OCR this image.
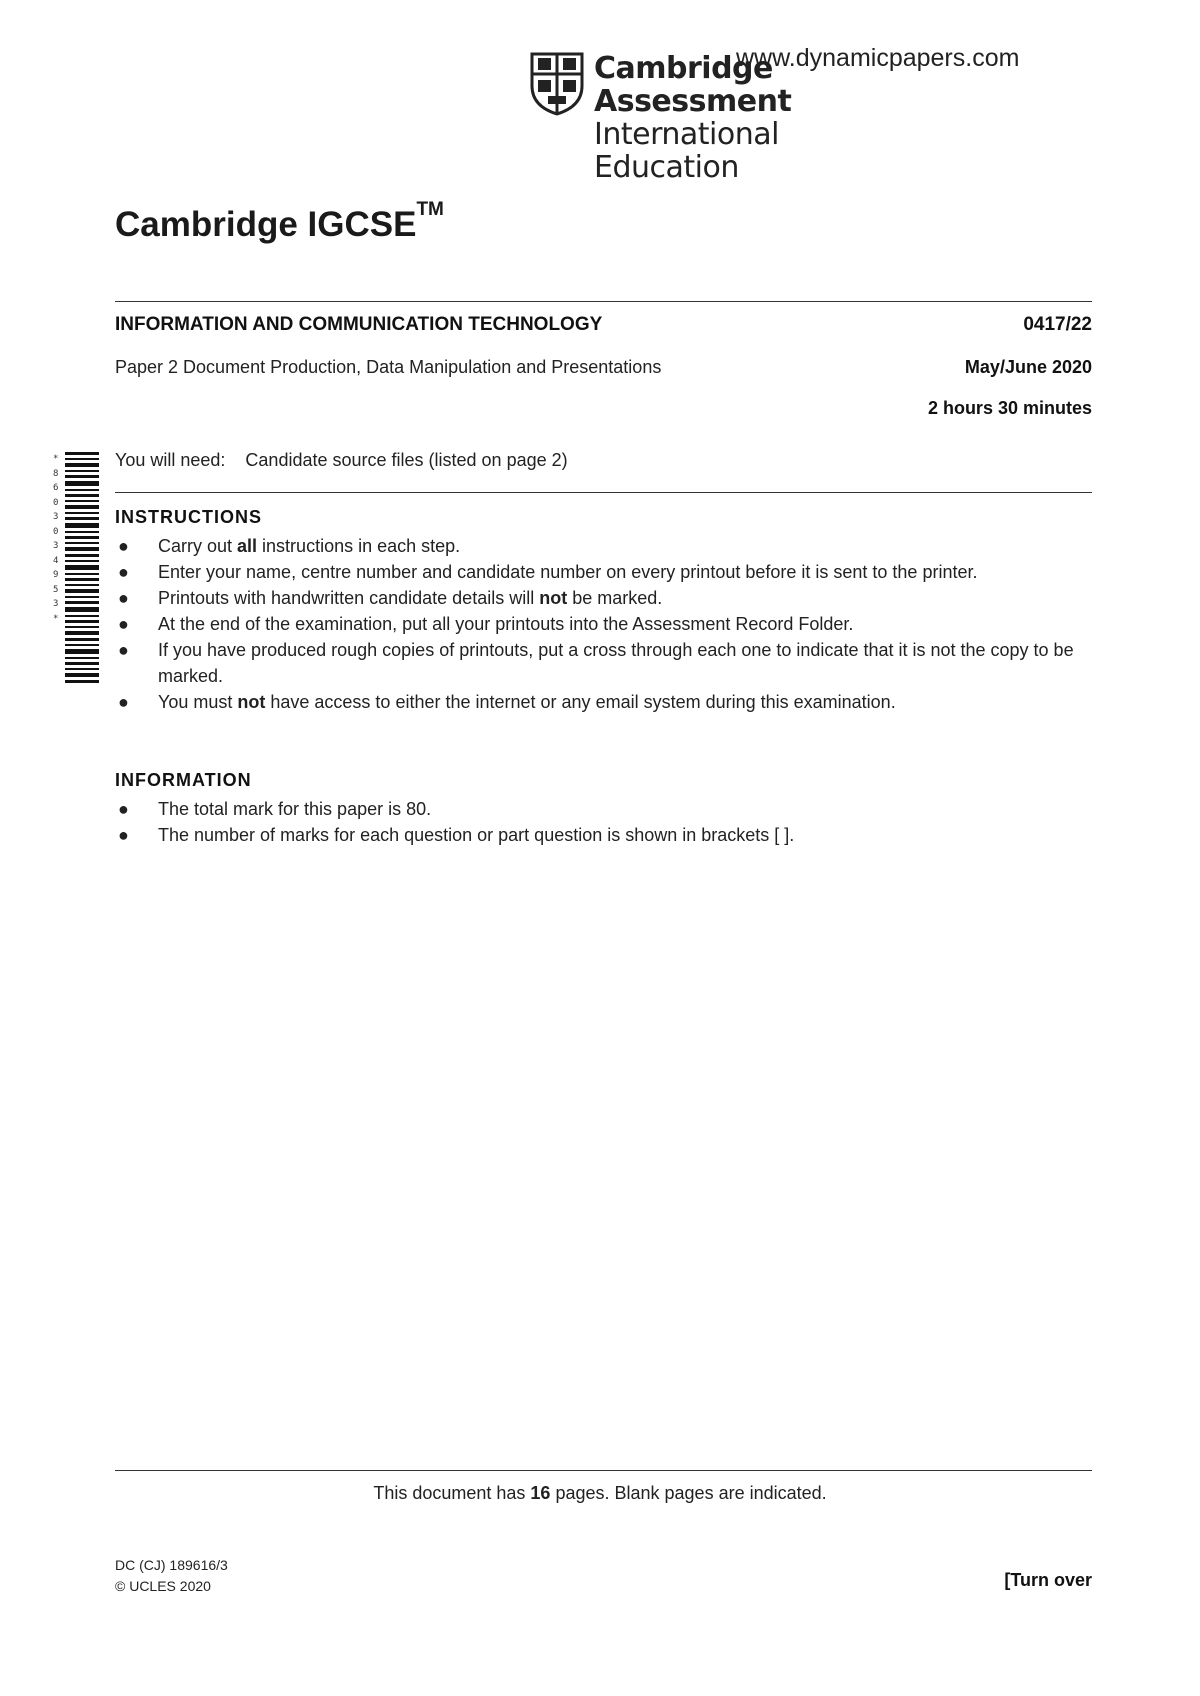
Cambridge Assessment
International Education
www.dynamicpapers.com
Cambridge IGCSE™
INFORMATION AND COMMUNICATION TECHNOLOGY	0417/22
Paper 2 Document Production, Data Manipulation and Presentations	May/June 2020
2 hours 30 minutes
*8603034953*
You will need: Candidate source files (listed on page 2)
INSTRUCTIONS
● Carry out all instructions in each step.
● Enter your name, centre number and candidate number on every printout before it is sent to the printer.
● Printouts with handwritten candidate details will not be marked.
● At the end of the examination, put all your printouts into the Assessment Record Folder.
● If you have produced rough copies of printouts, put a cross through each one to indicate that it is not the copy to be marked.
● You must not have access to either the internet or any email system during this examination.
INFORMATION
● The total mark for this paper is 80.
● The number of marks for each question or part question is shown in brackets [ ].
This document has 16 pages. Blank pages are indicated.
DC (CJ) 189616/3
© UCLES 2020	[Turn over
